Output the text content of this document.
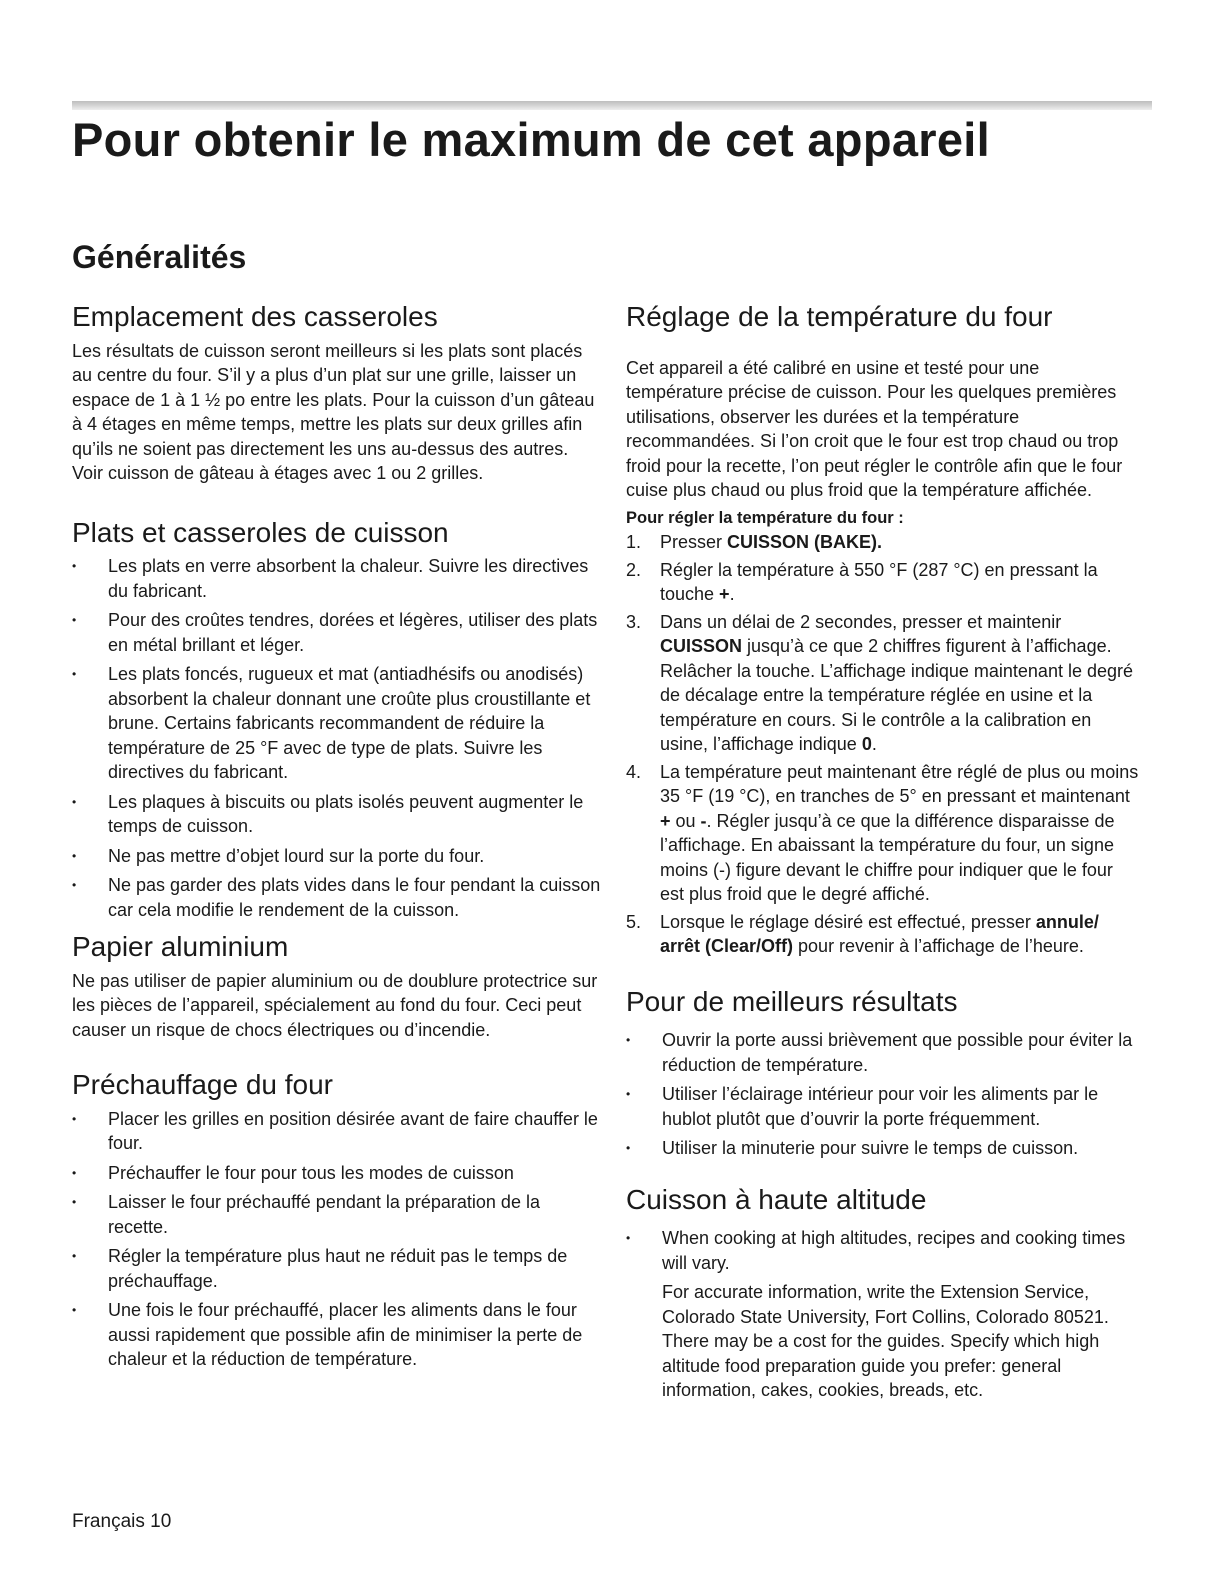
Pour obtenir le maximum de cet appareil
Généralités
Emplacement des casseroles

Les résultats de cuisson seront meilleurs si les plats sont placés au centre du four. S’il y a plus d’un plat sur une grille, laisser un espace de 1 à 1 ½ po entre les plats. Pour la cuisson d’un gâteau à 4 étages en même temps, mettre les plats sur deux grilles afin qu’ils ne soient pas directement les uns au-dessus des autres. Voir cuisson de gâteau à étages avec 1 ou 2 grilles.

Plats et casseroles de cuisson
• Les plats en verre absorbent la chaleur. Suivre les directives du fabricant.
• Pour des croûtes tendres, dorées et légères, utiliser des plats en métal brillant et léger.
• Les plats foncés, rugueux et mat (antiadhésifs ou anodisés) absorbent la chaleur donnant une croûte plus croustillante et brune. Certains fabricants recommandent de réduire la température de 25 °F avec de type de plats. Suivre les directives du fabricant.
• Les plaques à biscuits ou plats isolés peuvent augmenter le temps de cuisson.
• Ne pas mettre d’objet lourd sur la porte du four.
• Ne pas garder des plats vides dans le four pendant la cuisson car cela modifie le rendement de la cuisson.
Papier aluminium

Ne pas utiliser de papier aluminium ou de doublure protectrice sur les pièces de l’appareil, spécialement au fond du four. Ceci peut causer un risque de chocs électriques ou d’incendie.

Préchauffage du four
• Placer les grilles en position désirée avant de faire chauffer le four.
• Préchauffer le four pour tous les modes de cuisson
• Laisser le four préchauffé pendant la préparation de la recette.
• Régler la température plus haut ne réduit pas le temps de préchauffage.
• Une fois le four préchauffé, placer les aliments dans le four aussi rapidement que possible afin de minimiser la perte de chaleur et la réduction de température.
Réglage de la température du four

Cet appareil a été calibré en usine et testé pour une température précise de cuisson. Pour les quelques premières utilisations, observer les durées et la température recommandées. Si l’on croit que le four est trop chaud ou trop froid pour la recette, l’on peut régler le contrôle afin que le four cuise plus chaud ou plus froid que la température affichée.

Pour régler la température du four :

1. Presser CUISSON (BAKE).
2. Régler la température à 550 °F (287 °C) en pressant la touche +.
3. Dans un délai de 2 secondes, presser et maintenir CUISSON jusqu’à ce que 2 chiffres figurent à l’affichage. Relâcher la touche. L’affichage indique maintenant le degré de décalage entre la température réglée en usine et la température en cours. Si le contrôle a la calibration en usine, l’affichage indique 0.
4. La température peut maintenant être réglé de plus ou moins 35 °F (19 °C), en tranches de 5° en pressant et maintenant + ou -. Régler jusqu’à ce que la différence disparaisse de l’affichage. En abaissant la température du four, un signe moins (-) figure devant le chiffre pour indiquer que le four est plus froid que le degré affiché.
5. Lorsque le réglage désiré est effectué, presser annule/ arrêt (Clear/Off) pour revenir à l’affichage de l’heure.
Pour de meilleurs résultats
• Ouvrir la porte aussi brièvement que possible pour éviter la réduction de température.
• Utiliser l’éclairage intérieur pour voir les aliments par le hublot plutôt que d’ouvrir la porte fréquemment.
• Utiliser la minuterie pour suivre le temps de cuisson.
Cuisson à haute altitude
• When cooking at high altitudes, recipes and cooking times will vary.

For accurate information, write the Extension Service, Colorado State University, Fort Collins, Colorado 80521. There may be a cost for the guides. Specify which high altitude food preparation guide you prefer: general information, cakes, cookies, breads, etc.

Français 10
